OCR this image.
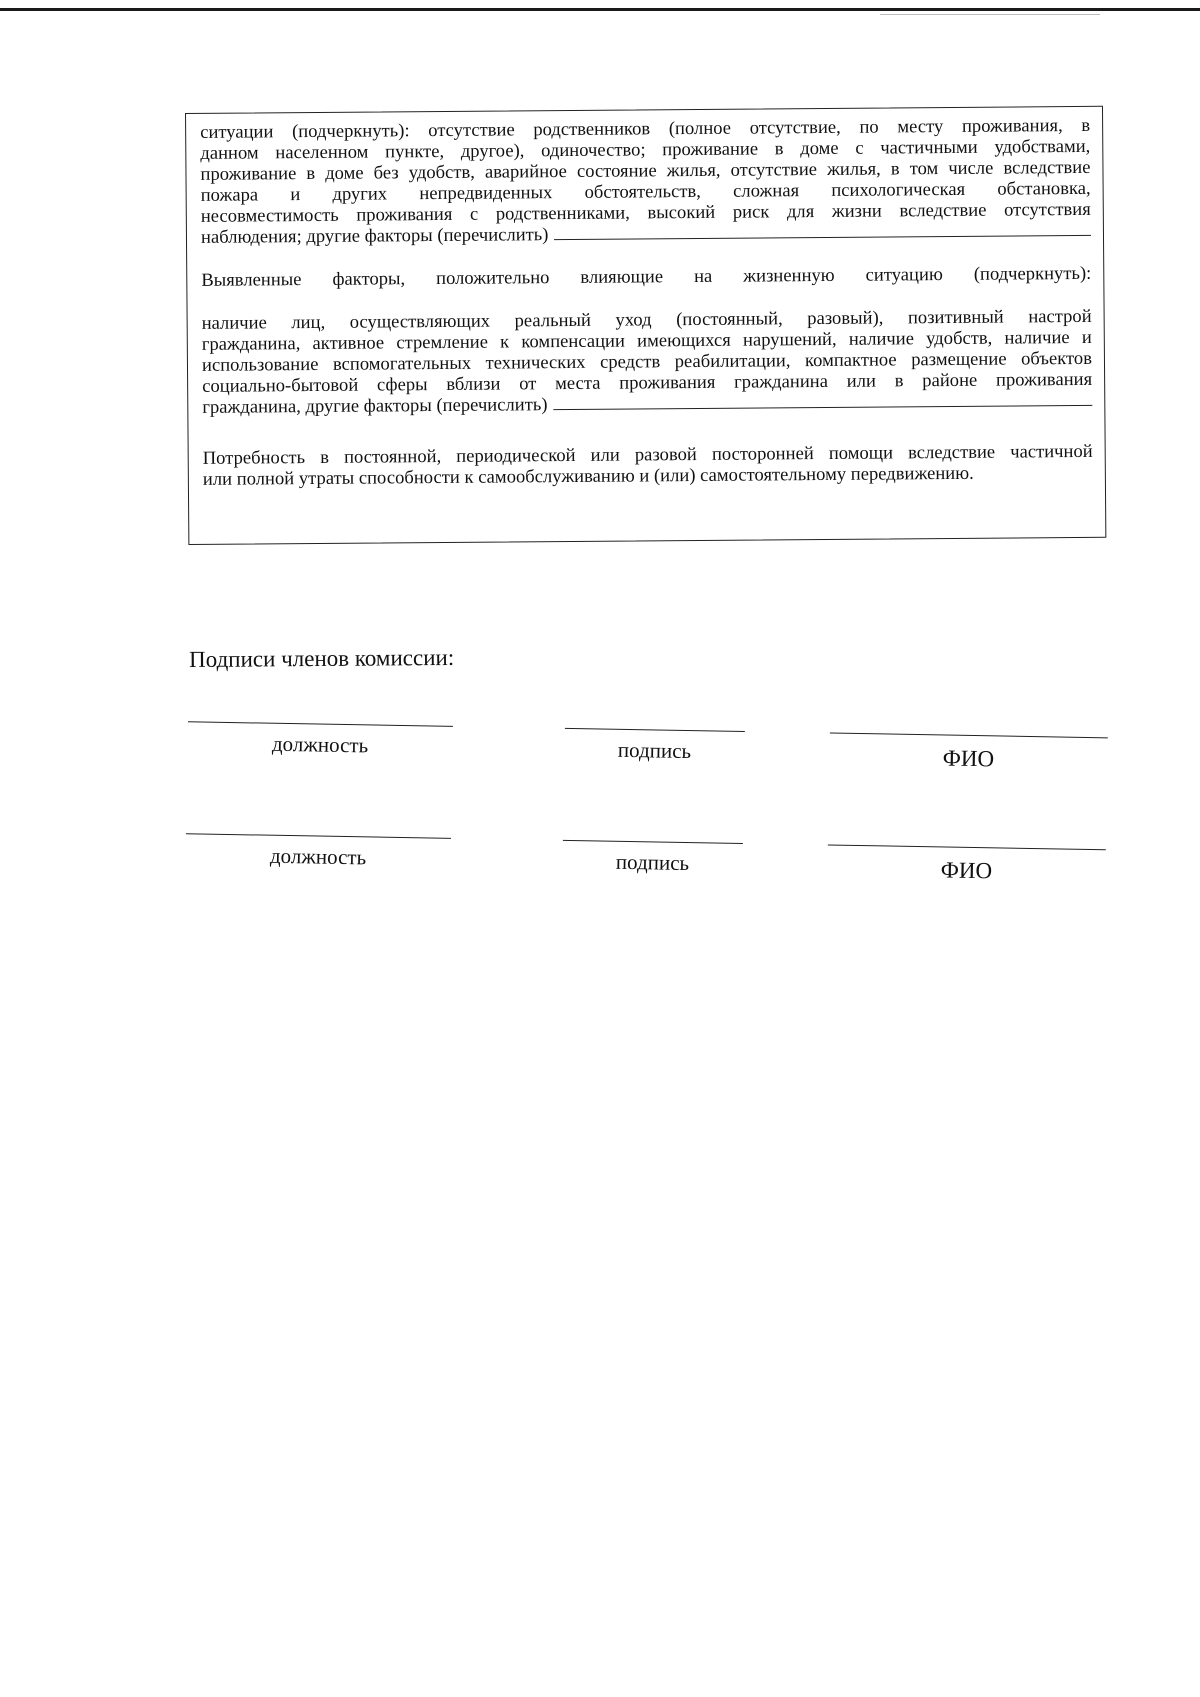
ситуации (подчеркнуть): отсутствие родственников (полное отсутствие, по месту проживания, в
данном населенном пункте, другое), одиночество; проживание в доме с частичными удобствами,
проживание в доме без удобств, аварийное состояние жилья, отсутствие жилья, в том числе вследствие
пожара и других непредвиденных обстоятельств, сложная психологическая обстановка,
несовместимость проживания с родственниками, высокий риск для жизни вследствие отсутствия
наблюдения; другие факторы (перечислить)

Выявленные факторы, положительно влияющие на жизненную ситуацию (подчеркнуть):

наличие лиц, осуществляющих реальный уход (постоянный, разовый), позитивный настрой
гражданина, активное стремление к компенсации имеющихся нарушений, наличие удобств, наличие и
использование вспомогательных технических средств реабилитации, компактное размещение объектов
социально-бытовой сферы вблизи от места проживания гражданина или в районе проживания
гражданина, другие факторы (перечислить)

Потребность в постоянной, периодической или разовой посторонней помощи вследствие частичной
или полной утраты способности к самообслуживанию и (или) самостоятельному передвижению.

Подписи членов комиссии:
должность	подпись	ФИО
должность	подпись	ФИО
